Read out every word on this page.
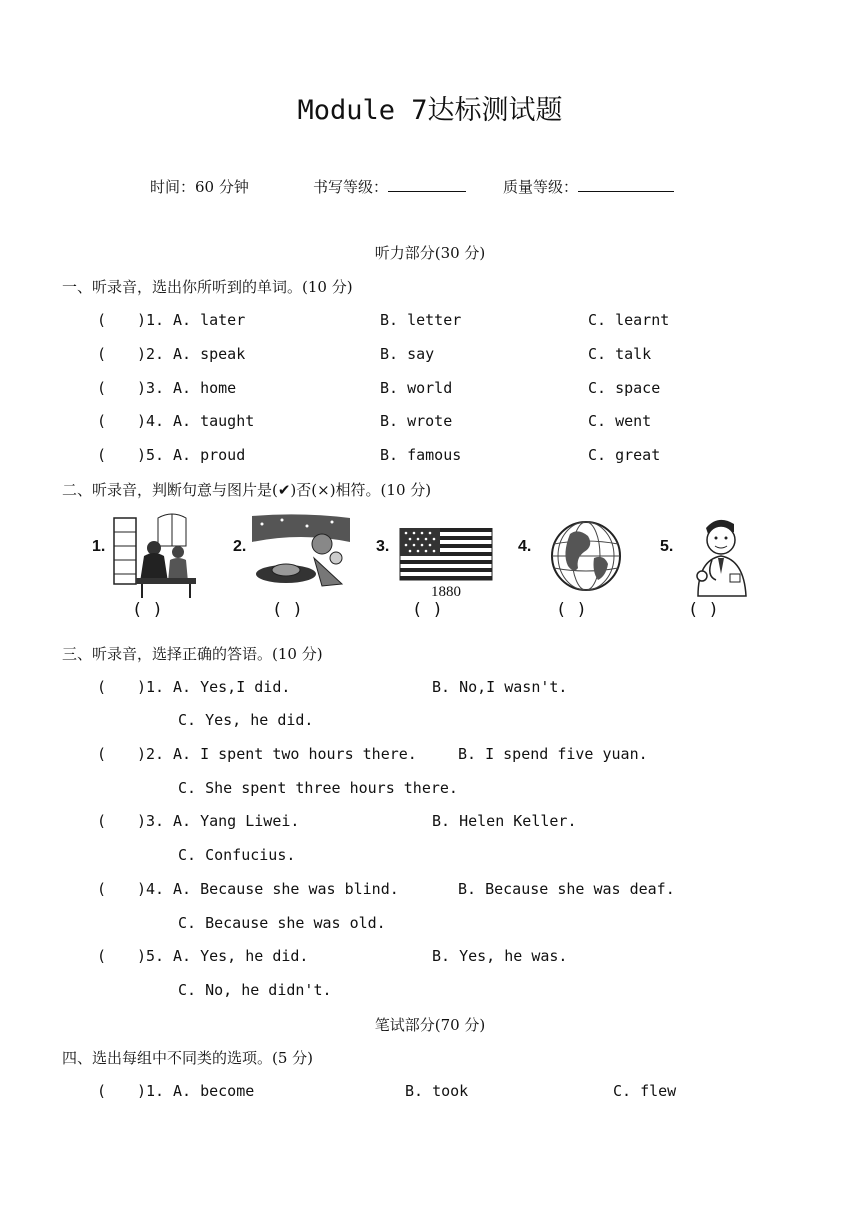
Module 7达标测试题
时间：60 分钟	书写等级：	质量等级：
听力部分(30 分)
一、听录音，选出你所听到的单词。(10 分)
( )1. A. later	B. letter	C. learnt
( )2. A. speak	B. say	C. talk
( )3. A. home	B. world	C. space
( )4. A. taught	B. wrote	C. went
( )5. A. proud	B. famous	C. great
二、听录音，判断句意与图片是(✔)否(×)相符。(10 分)
1.	2.	3.	4.	5.
1880
( )	( )	( )	( )	( )
三、听录音，选择正确的答语。(10 分)
( )1. A. Yes,I did.	B. No,I wasn't.
C. Yes, he did.
( )2. A. I spent two hours there.	B. I spend five yuan.
C. She spent three hours there.
( )3. A. Yang Liwei.	B. Helen Keller.
C. Confucius.
( )4. A. Because she was blind.	B. Because she was deaf.
C. Because she was old.
( )5. A. Yes, he did.	B. Yes, he was.
C. No, he didn't.
笔试部分(70 分)
四、选出每组中不同类的选项。(5 分)
( )1. A. become	B. took	C. flew
